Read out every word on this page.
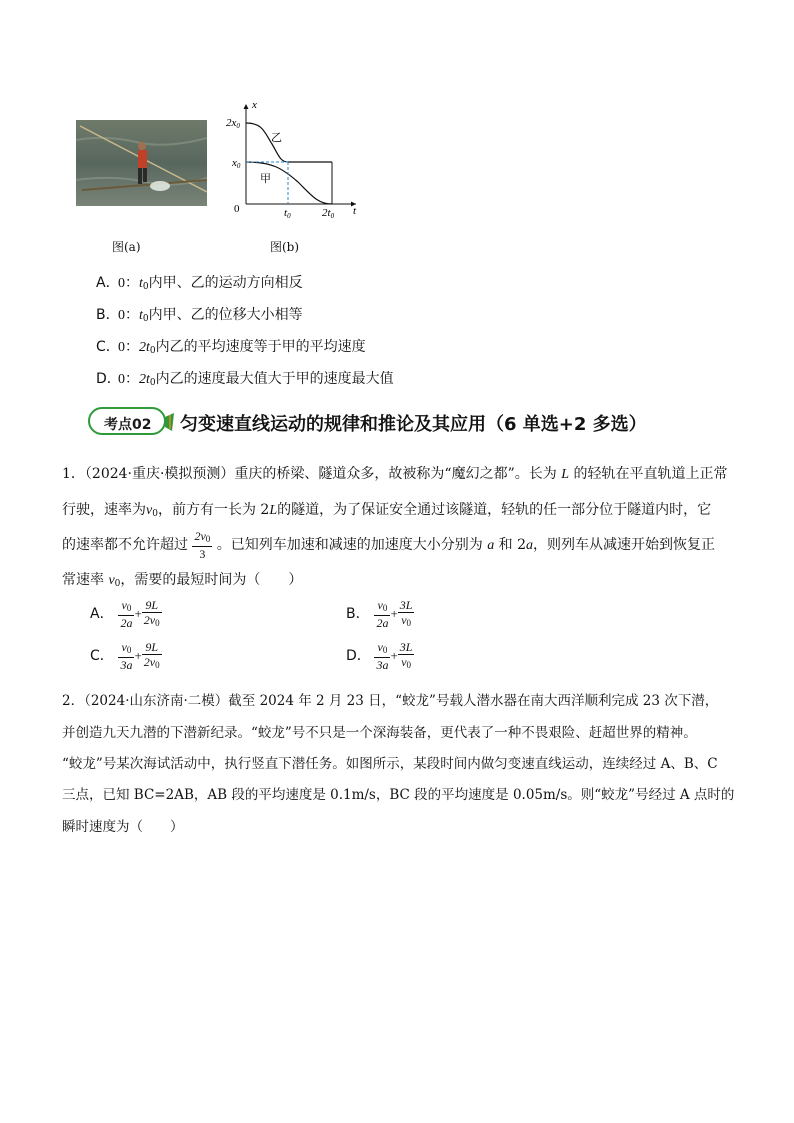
x
t
0
2x0
x0
t0	2t0
乙
甲
图(a)	图(b)
A．0：$t_0$内甲、乙的运动方向相反
B．0：$t_0$内甲、乙的位移大小相等
C．0：$2t_0$内乙的平均速度等于甲的平均速度
D．0：$2t_0$内乙的速度最大值大于甲的速度最大值
考点02 匀变速直线运动的规律和推论及其应用（6 单选+2 多选）
1．（2024·重庆·模拟预测）重庆的桥梁、隧道众多，故被称为“魔幻之都”。长为 L 的轻轨在平直轨道上正常
行驶，速率为$v_0$，前方有一长为 2L的隧道，为了保证安全通过该隧道，轻轨的任一部分位于隧道内时，它
的速率都不允许超过 $\frac{2v_0}{3}$ 。已知列车加速和减速的加速度大小分别为 a 和 2a，则列车从减速开始到恢复正
常速率 $v_0$，需要的最短时间为（　　）
A． $\frac{v_0}{2a} + \frac{9L}{2v_0}$	B． $\frac{v_0}{2a} + \frac{3L}{v_0}$
C． $\frac{v_0}{3a} + \frac{9L}{2v_0}$	D． $\frac{v_0}{3a} + \frac{3L}{v_0}$
2．（2024·山东济南·二模）截至 2024 年 2 月 23 日，“蛟龙”号载人潜水器在南大西洋顺利完成 23 次下潜，
并创造九天九潜的下潜新纪录。“蛟龙”号不只是一个深海装备，更代表了一种不畏艰险、赶超世界的精神。
“蛟龙”号某次海试活动中，执行竖直下潜任务。如图所示，某段时间内做匀变速直线运动，连续经过 A、B、C
三点，已知 BC=2AB，AB 段的平均速度是 0.1m/s，BC 段的平均速度是 0.05m/s。则“蛟龙”号经过 A 点时的
瞬时速度为（　　）
